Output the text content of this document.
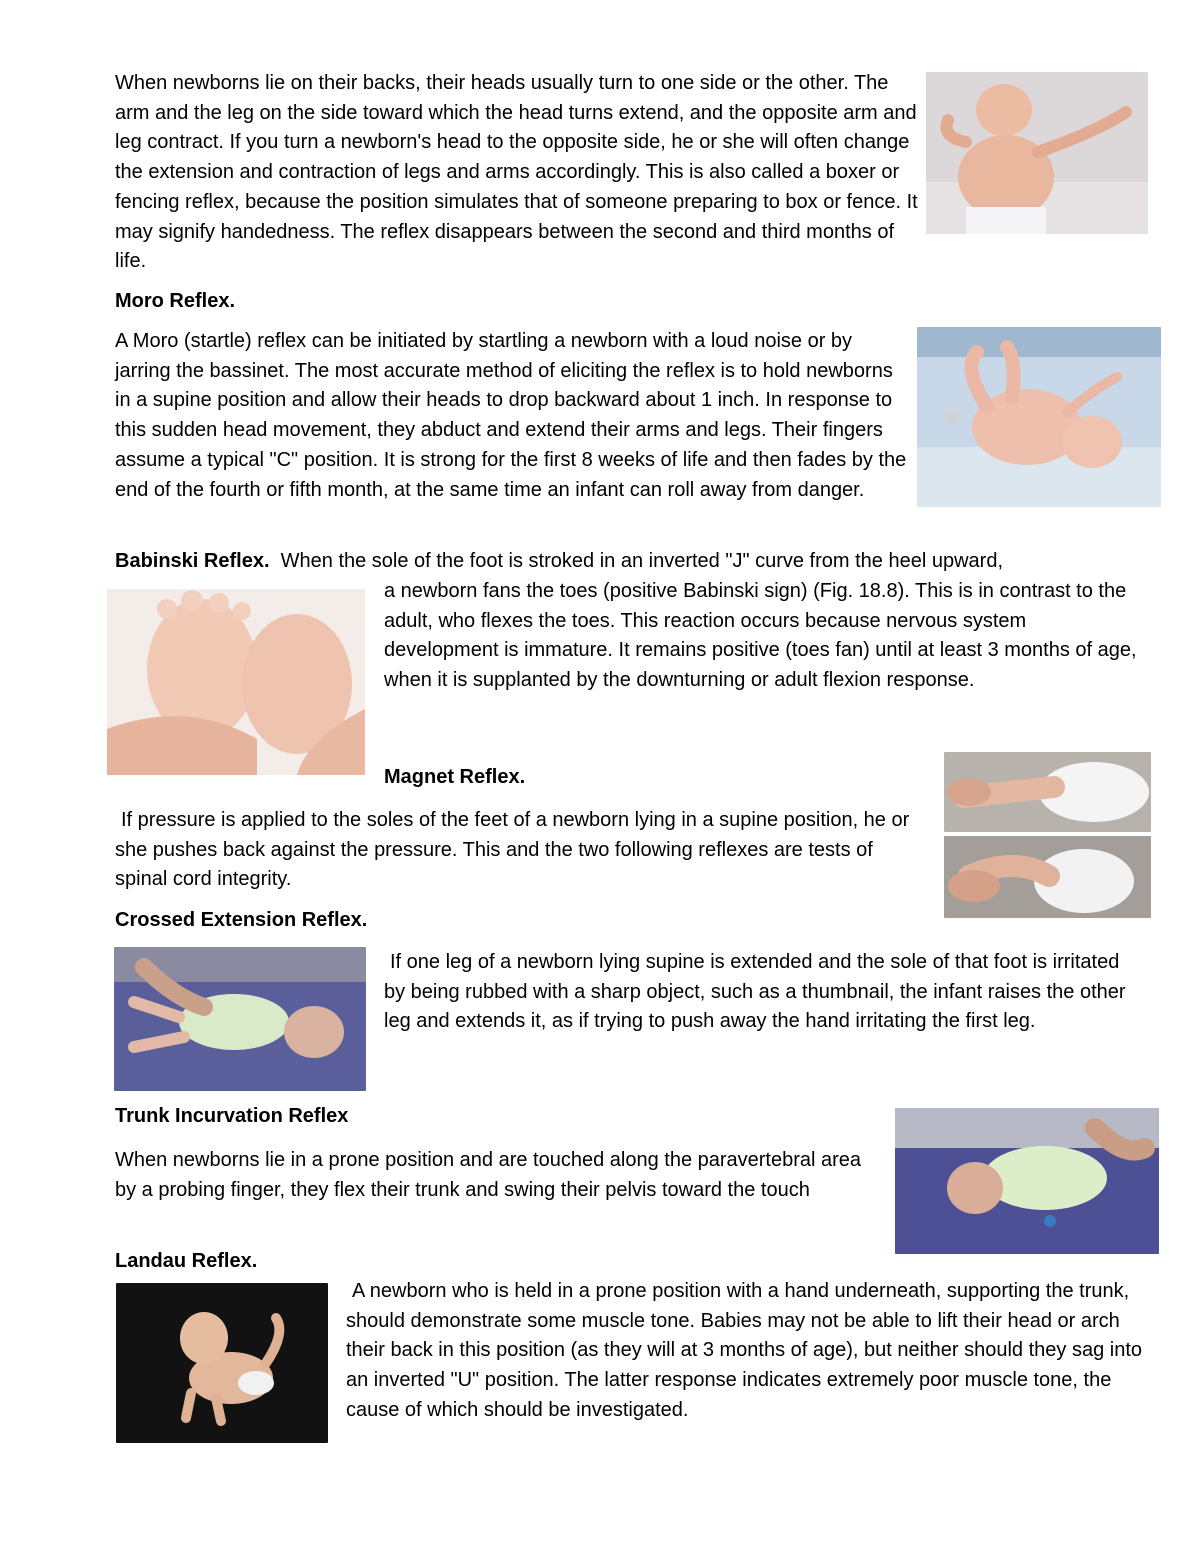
When newborns lie on their backs, their heads usually turn to one side or the other. The arm and the leg on the side toward which the head turns extend, and the opposite arm and leg contract. If you turn a newborn's head to the opposite side, he or she will often change the extension and contraction of legs and arms accordingly. This is also called a boxer or fencing reflex, because the position simulates that of someone preparing to box or fence. It may signify handedness. The reflex disappears between the second and third months of life.

Moro Reflex.

A Moro (startle) reflex can be initiated by startling a newborn with a loud noise or by jarring the bassinet. The most accurate method of eliciting the reflex is to hold newborns in a supine position and allow their heads to drop backward about 1 inch. In response to this sudden head movement, they abduct and extend their arms and legs. Their fingers assume a typical "C" position. It is strong for the first 8 weeks of life and then fades by the end of the fourth or fifth month, at the same time an infant can roll away from danger.

Babinski Reflex. When the sole of the foot is stroked in an inverted "J" curve from the heel upward,

a newborn fans the toes (positive Babinski sign) (Fig. 18.8). This is in contrast to the adult, who flexes the toes. This reaction occurs because nervous system development is immature. It remains positive (toes fan) until at least 3 months of age, when it is supplanted by the downturning or adult flexion response.

Magnet Reflex.

If pressure is applied to the soles of the feet of a newborn lying in a supine position, he or she pushes back against the pressure. This and the two following reflexes are tests of spinal cord integrity.

Crossed Extension Reflex.

If one leg of a newborn lying supine is extended and the sole of that foot is irritated by being rubbed with a sharp object, such as a thumbnail, the infant raises the other leg and extends it, as if trying to push away the hand irritating the first leg.

Trunk Incurvation Reflex

When newborns lie in a prone position and are touched along the paravertebral area by a probing finger, they flex their trunk and swing their pelvis toward the touch

Landau Reflex.

A newborn who is held in a prone position with a hand underneath, supporting the trunk, should demonstrate some muscle tone. Babies may not be able to lift their head or arch their back in this position (as they will at 3 months of age), but neither should they sag into an inverted "U" position. The latter response indicates extremely poor muscle tone, the cause of which should be investigated.
